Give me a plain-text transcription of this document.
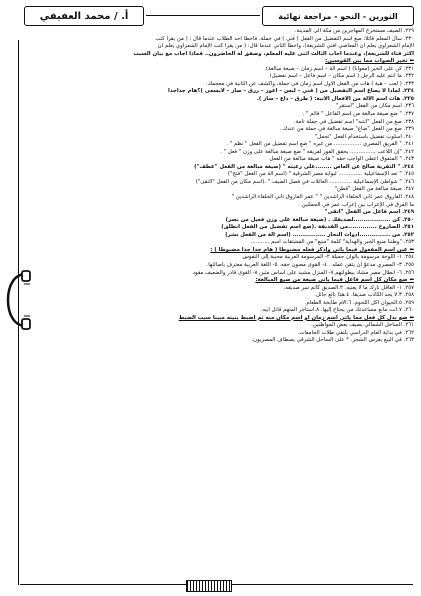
أ. / محمد العفيفي	النورين - النحو - مراجعة نهائية
٢٢٩. الصيف مستخرج المهاجرين من مكة الى المدينة.
٢٣٠. سأل المعلم قائلا: صغ اسم التفضيل من الفعل ( فني ) في جملة، فأخطأ أحد الطلاب عندما قال : ( من يقرأ كتب
الإمام الشعراوي يعلم أن المعاصي أفني للشريعة)، وأخطأ الثاني عندما قال: ( من يقرأ كتب الإمام الشعراوي يعلم أن
أكثر فناء للشريعة)، وعندما أجاب الثالث أثنى عليه المعلم، وصفق له الحاضرون.. فماذا أجاب مع بيان السبب
⬅ تخير الصواب مما بين القوسين:
٢٣١. كن على الخير (معوانا) ( اسم آلة – اسم زمان – صيغة مبالغة).
٢٣٢. ما أنتم عليه الرجل ( اسم مكان – اسم فاعل – اسم تفضيل)
٢٣٣. ( لعب – هبة ) هات من الفعل الأول اسم زمان في جملة، واكشف عن الثانية في معجمك.
٢٣٤. لماذا لا يصاغ اسم التفضيل من ( فني – ليس – أعور – زرق – صار – لايسعى )؟هام جداجدا
٢٣٥. هات اسم الآلة من الأفعال الآتية: ( طرق – ذاع – سار ).
٢٣٦. اسم مكان من الفعل "استقر"
٢٣٧. " ضع صيغة مبالغة من اسم الفاعل " قائم " .
٢٣٨. صغ من الفعل "انتبه" اسم تفضيل في جملة تامة.
٢٣٩. صغ من الفعل "ضاع" صيغة مبالغة في جملة من عندك .
٢٤٠. أسلوب تفضيل باستخدام الفعل "تحمل"
٢٤١. " الفريق المصري ................ من غيره " ضع اسم تفضيل من الفعل " نظم " .
٢٤٢. "إن اللاعب ............... يحقق الفوز لفريقه " ضع صيغة مبالغة على وزن " فعل " .
٢٤٣. " المتفوق أعطى الواجب حقه " هات صيغة مبالغة من الفعل
٢٤٤. " التقرية صالح عن العاص ........على رعيته " (صيغة مبالغة من الفعل "عطف")
٢٤٥. " تعد الإسماعيلية .............. لبوابة مصر الشرقية " (اسم آلة من الفعل "فتح")
٢٤٦. " شواطئ الإسماعيلية ............. العائلات في فصل الصيف " .(اسم مكان من الفعل "التقى")
٢٤٧. صيغة مبالغة من الفعل "فطن"
٢٤٨. الفاروق عمر ثاني الخلفاء الراشدين " " عمر الفاروق ثاني الخلفاء الراشدين "
ما الفرق في الإعراب بين إعراب عمر في الجملتين .
٢٤٩. اسم فاعل من الفعل "اتقى"
٢٥٠. كن ..................لصديقك . (صيغة مبالغة على وزن فعيل من نصر)
٢٥١. الصاروخ ..............من القذيفة .(ضع اسم تفضيل من الفعل انطلق)
٢٥٢. من ...............أدوات النجار ................ (اسم آلة من الفعل نشر)
٢٥٣. "وطننا منبع الخير والهداية" كلمة "منبع" من المشتقات اسم ...........
⬅ عين اسم المفعول فيما يأتي وأذكر فعله مضبوطا ( هام جدا جدا مضبوطا ) :
٢٥٤. ١- اللوحة مرسومة بألوان جميلة ٢- المرسومة العربية محببة إلى النفوس
٢٥٥. ٣- المصري مدعوّ أن يتقن عمله . ٤- القوى مصون حقه. ٥- اللغة العربية معترف بأصالتها.
٢٥٦. ٦- أبطال مصر مشاد ببطولتهم.٧- المنزل مشيد على أساس متين ٨- القوى قادر والضعيف مقود
⬅ ضع مكان كل اسم فاعل فيما يأتي صيغة من صيغ المبالغة:
٢٥٧. ١- العاقل تارك ما لا يعنيه. ٢.الصديق كاتم سر صديقه.
٢٥٨. ٣.لا يحد الكاذب صديقا. ٤.هذا بائع جائل.
٢٥٩. ٥.الحيوان آكل اللحوم. ٦.الأم طابخة الطعام.
٢٦٠. ٧.أنت مانع مساعدتك من يحتاج إليها. ٨.استأجر المتهم قاتل أبيه.
⬅ ضع بدل كل فعل مما يأتي اسم زمان أو اسم مكان منه ثم اضبط بنيته مبينا سبب الضبط
٢٦١. الساحل الشمالي يصيف بعض المواطنين.
٢٦٢. في بداية العام الدراسي يلتقي طلاب الجامعات.
٢٦٣. في البيع يغرس الشجر. * على الساحل الشرقي يصطاف المصريون.
